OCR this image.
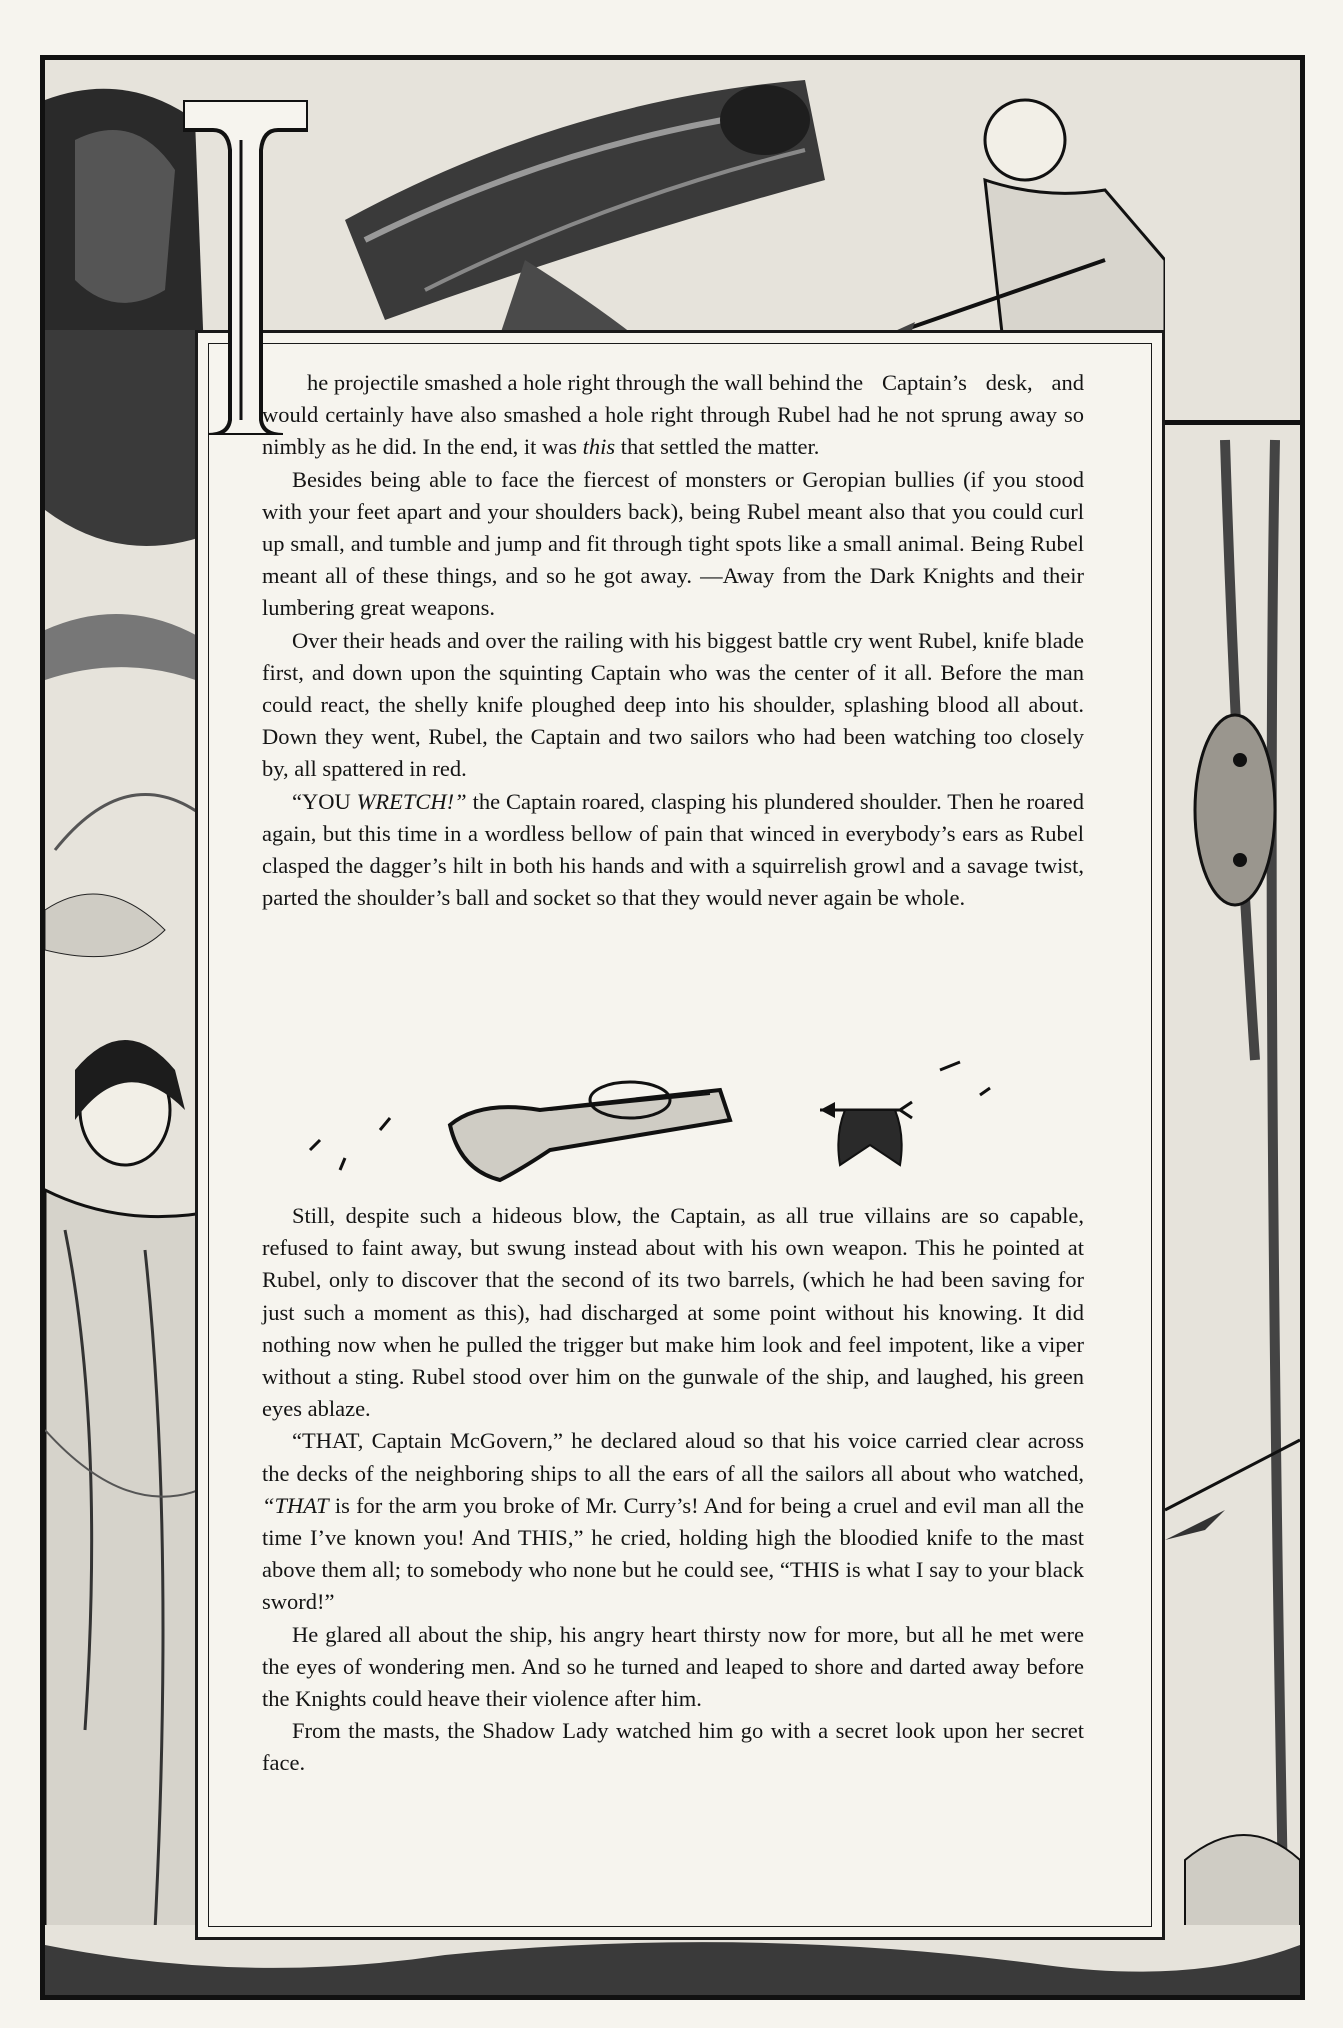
he projectile smashed a hole right through the wall behind the Captain’s desk, and would certainly have also smashed a hole right through Rubel had he not sprung away so nimbly as he did. In the end, it was this that settled the matter.

Besides being able to face the fiercest of monsters or Geropian bullies (if you stood with your feet apart and your shoulders back), being Rubel meant also that you could curl up small, and tumble and jump and fit through tight spots like a small animal. Being Rubel meant all of these things, and so he got away. —Away from the Dark Knights and their lumbering great weapons.

Over their heads and over the railing with his biggest battle cry went Rubel, knife blade first, and down upon the squinting Captain who was the center of it all. Before the man could react, the shelly knife ploughed deep into his shoulder, splashing blood all about. Down they went, Rubel, the Captain and two sailors who had been watching too closely by, all spattered in red.

“YOU WRETCH!” the Captain roared, clasping his plundered shoulder. Then he roared again, but this time in a wordless bellow of pain that winced in everybody’s ears as Rubel clasped the dagger’s hilt in both his hands and with a squirrelish growl and a savage twist, parted the shoulder’s ball and socket so that they would never again be whole.

Still, despite such a hideous blow, the Captain, as all true villains are so capable, refused to faint away, but swung instead about with his own weapon. This he pointed at Rubel, only to discover that the second of its two barrels, (which he had been saving for just such a moment as this), had discharged at some point without his knowing. It did nothing now when he pulled the trigger but make him look and feel impotent, like a viper without a sting. Rubel stood over him on the gunwale of the ship, and laughed, his green eyes ablaze.

“THAT, Captain McGovern,” he declared aloud so that his voice carried clear across the decks of the neighboring ships to all the ears of all the sailors all about who watched, “THAT is for the arm you broke of Mr. Curry’s! And for being a cruel and evil man all the time I’ve known you! And THIS,” he cried, holding high the bloodied knife to the mast above them all; to somebody who none but he could see, “THIS is what I say to your black sword!”

He glared all about the ship, his angry heart thirsty now for more, but all he met were the eyes of wondering men. And so he turned and leaped to shore and darted away before the Knights could heave their violence after him.

From the masts, the Shadow Lady watched him go with a secret look upon her secret face.
